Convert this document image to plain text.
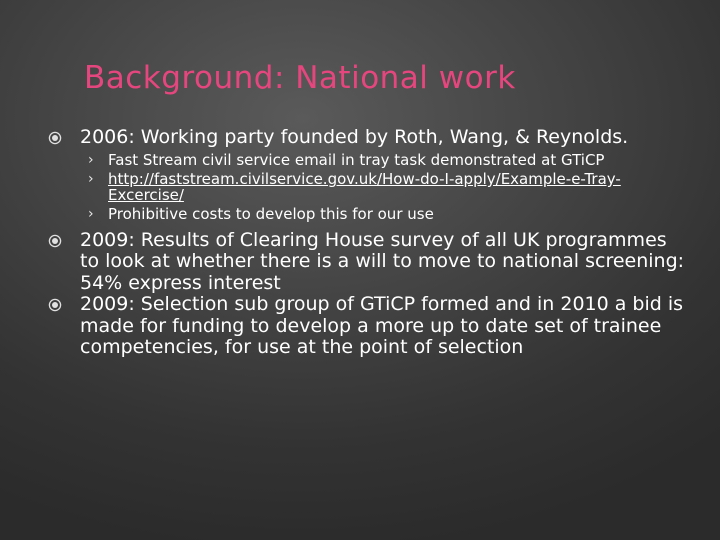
Background: National work
2006: Working party founded by Roth, Wang, & Reynolds.
› Fast Stream civil service email in tray task demonstrated at GTiCP
› http://faststream.civilservice.gov.uk/How-do-I-apply/Example-e-Tray-Excercise/
› Prohibitive costs to develop this for our use
2009: Results of Clearing House survey of all UK programmes to look at whether there is a will to move to national screening: 54% express interest
2009: Selection sub group of GTiCP formed and in 2010 a bid is made for funding to develop a more up to date set of trainee competencies, for use at the point of selection
